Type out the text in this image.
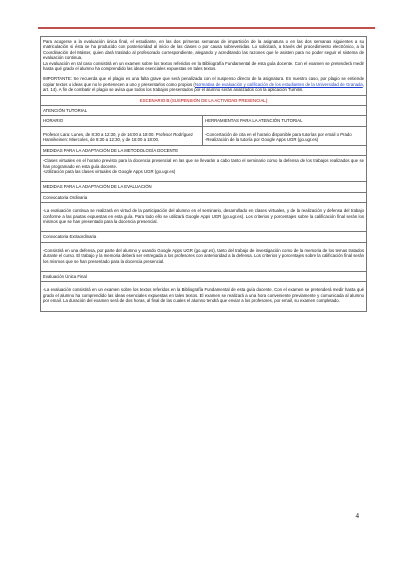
Para acogerse a la evaluación única final, el estudiante, en las dos primeras semanas de impartición de la asignatura o en las dos semanas siguientes a su matriculación si ésta se ha producido con posterioridad al inicio de las clases o por causa sobrevenidas. Lo solicitará, a través del procedimiento electrónico, a la Coordinación del Máster, quien dará traslado al profesorado correspondiente, alegando y acreditando las razones que le asisten para no poder seguir el sistema de evaluación continua.

La evaluación en tal caso consistirá en un examen sobre los textos referidos en la Bibliografía Fundamental de esta guía docente. Con el examen se pretenderá medir hasta qué grado el alumno ha comprendido las ideas esenciales expuestas en tales textos.

IMPORTANTE: Se recuerda que el plagio es una falta grave que será penalizada con el suspenso directo de la asignatura. En nuestro caso, por plagio se entiende copiar textos o ideas que no le pertenecen a uno y presentarlos como propios (Normativa de evaluación y calificación de los estudiantes de la Universidad de Granada, art. 14). A fin de combatir el plagio se avisa que todos los trabajos presentados por el alumno serán analizados con la aplicación Turnitin.	

ESCENARIO B (SUSPENSIÓN DE LA ACTIVIDAD PRESENCIAL)	
ATENCIÓN TUTORIAL	
HORARIO	HERRAMIENTAS PARA LA ATENCIÓN TUTORIAL

Profesor Lara: Lunes, de 8:30 a 12:30, y de 16:00 a 18:00. Profesor Rodríguez Hannikeinen: Miercoles, de 8:30 a 12:30, y de 16:00 a 18:00.	-Concertación de cita en el horario disponible para tutorías por email o Prado

-Realización de la tutoría por Google Apps UGR (go.ugr.es)

MEDIDAS PARA LA ADAPTACIÓN DE LA METODOLOGÍA DOCENTE	

-Clases virtuales en el horario previsto para la docencia presencial en las que se llevarán a cabo tanto el seminario como la defensa de los trabajos realizados que se han programado en esta guía docente.

-Utilización para las clases virtuales de Google Apps UGR (go.ugr.es)	

MEDIDAS PARA LA ADAPTACIÓN DE LA EVALUACIÓN	
Convocatoria Ordinaria	

-La evaluación continua se realizará en virtud de la participación del alumno en el seminario, desarrollado en clases virtuales, y de la realización y defensa del trabajo conforme a las pautas expuestas en esta guía. Para todo ello se utilizará Google Apps UGR (go.ugr.es). Los criterios y porcentajes sobre la calificación final serán los mismos que se han presentado para la docencia presencial.	

Convocatoria Extraordinaria	

-Consistirá en una defensa, por parte del alumno y usando Google Apps UGR (go.ugr.es), tanto del trabajo de investigación como de la memoria de los temas tratados durante el curso. El trabajo y la memoria deberá ser entregada a los profesores con anterioridad a la defensa. Los criterios y porcentajes sobre la calificación final serán los mismos que se han presentado para la docencia presencial.	

Evaluación Única Final	

-La evaluación consistirá en un examen sobre los textos referidos en la Bibliografía Fundamental de esta guía docente. Con el examen se pretenderá medir hasta qué grado el alumno ha comprendido las ideas esenciales expuestas en tales textos. El examen se realizará a una hora conveniente previamente y comunicada al alumno por email. La duración del examen será de dos horas, al final de las cuales el alumno tendrá que enviar a los profesores, por email, su examen completado.	

4
